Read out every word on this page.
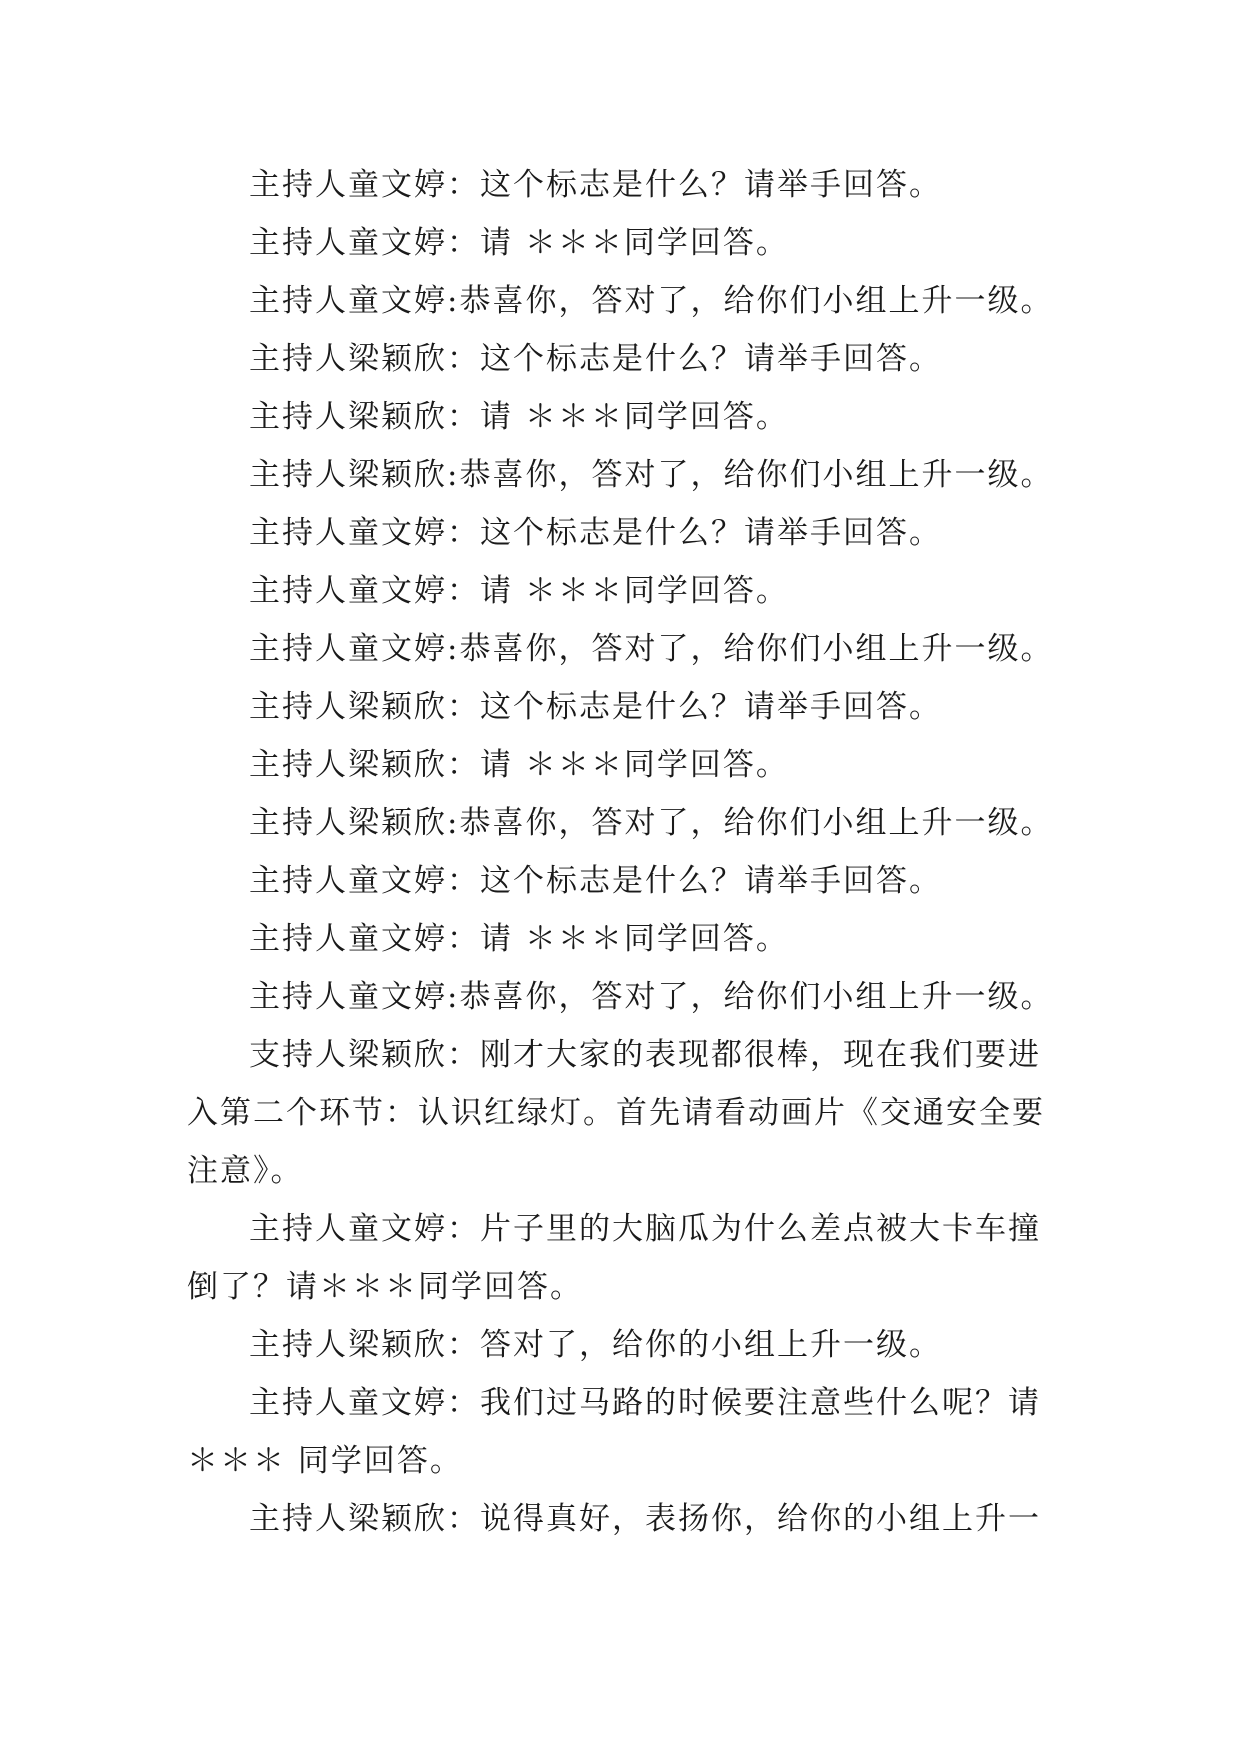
主持人童文婷：这个标志是什么？请举手回答。

主持人童文婷：请 ＊＊＊同学回答。

主持人童文婷:恭喜你，答对了，给你们小组上升一级。

主持人梁颖欣：这个标志是什么？请举手回答。

主持人梁颖欣：请 ＊＊＊同学回答。

主持人梁颖欣:恭喜你，答对了，给你们小组上升一级。

主持人童文婷：这个标志是什么？请举手回答。

主持人童文婷：请 ＊＊＊同学回答。

主持人童文婷:恭喜你，答对了，给你们小组上升一级。

主持人梁颖欣：这个标志是什么？请举手回答。

主持人梁颖欣：请 ＊＊＊同学回答。

主持人梁颖欣:恭喜你，答对了，给你们小组上升一级。

主持人童文婷：这个标志是什么？请举手回答。

主持人童文婷：请 ＊＊＊同学回答。

主持人童文婷:恭喜你，答对了，给你们小组上升一级。

支持人梁颖欣：刚才大家的表现都很棒，现在我们要进入第二个环节：认识红绿灯。首先请看动画片《交通安全要注意》。

主持人童文婷：片子里的大脑瓜为什么差点被大卡车撞倒了？请＊＊＊同学回答。

主持人梁颖欣：答对了，给你的小组上升一级。

主持人童文婷：我们过马路的时候要注意些什么呢？请＊＊＊ 同学回答。

主持人梁颖欣：说得真好，表扬你，给你的小组上升一
